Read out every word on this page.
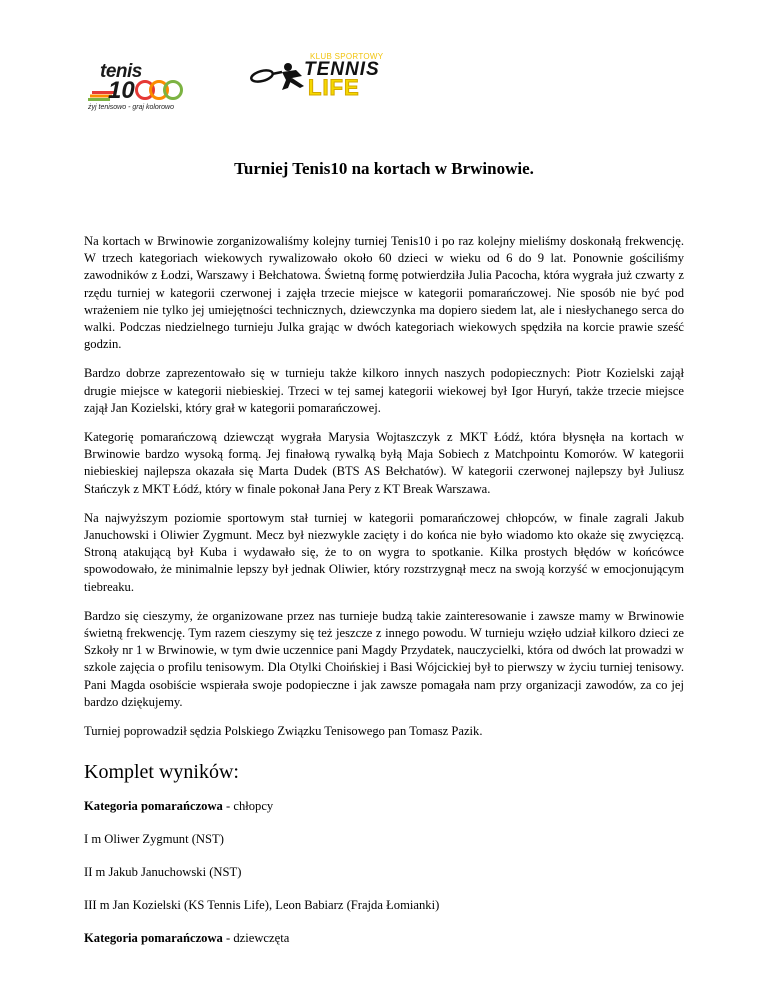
tenis
10
żyj tenisowo - graj kolorowo
KLUB SPORTOWY
TENNIS
LIFE
Turniej Tenis10 na kortach w Brwinowie.

Na kortach w Brwinowie zorganizowaliśmy kolejny turniej Tenis10 i po raz kolejny mieliśmy doskonałą frekwencję. W trzech kategoriach wiekowych rywalizowało około 60 dzieci w wieku od 6 do 9 lat. Ponownie gościliśmy zawodników z Łodzi, Warszawy i Bełchatowa. Świetną formę potwierdziła Julia Pacocha, która wygrała już czwarty z rzędu turniej w kategorii czerwonej i zajęła trzecie miejsce w kategorii pomarańczowej. Nie sposób nie być pod wrażeniem nie tylko jej umiejętności technicznych, dziewczynka ma dopiero siedem lat, ale i niesłychanego serca do walki. Podczas niedzielnego turnieju Julka grając w dwóch kategoriach wiekowych spędziła na korcie prawie sześć godzin.

Bardzo dobrze zaprezentowało się w turnieju także kilkoro innych naszych podopiecznych: Piotr Kozielski zajął drugie miejsce w kategorii niebieskiej. Trzeci w tej samej kategorii wiekowej był Igor Huryń, także trzecie miejsce zajął Jan Kozielski, który grał w kategorii pomarańczowej.

Kategorię pomarańczową dziewcząt wygrała Marysia Wojtaszczyk z MKT Łódź, która błysnęła na kortach w Brwinowie bardzo wysoką formą. Jej finałową rywalką byłą Maja Sobiech z Matchpointu Komorów. W kategorii niebieskiej najlepsza okazała się Marta Dudek (BTS AS Bełchatów). W kategorii czerwonej najlepszy był Juliusz Stańczyk z MKT Łódź, który w finale pokonał Jana Pery z KT Break Warszawa.

Na najwyższym poziomie sportowym stał turniej w kategorii pomarańczowej chłopców, w finale zagrali Jakub Januchowski i Oliwier Zygmunt. Mecz był niezwykle zacięty i do końca nie było wiadomo kto okaże się zwycięzcą. Stroną atakującą był Kuba i wydawało się, że to on wygra to spotkanie. Kilka prostych błędów w końcówce spowodowało, że minimalnie lepszy był jednak Oliwier, który rozstrzygnął mecz na swoją korzyść w emocjonującym tiebreaku.

Bardzo się cieszymy, że organizowane przez nas turnieje budzą takie zainteresowanie i zawsze mamy w Brwinowie świetną frekwencję. Tym razem cieszymy się też jeszcze z innego powodu. W turnieju wzięło udział kilkoro dzieci ze Szkoły nr 1 w Brwinowie, w tym dwie uczennice pani Magdy Przydatek, nauczycielki, która od dwóch lat prowadzi w szkole zajęcia o profilu tenisowym. Dla Otylki Choińskiej i Basi Wójcickiej był to pierwszy w życiu turniej tenisowy. Pani Magda osobiście wspierała swoje podopieczne i jak zawsze pomagała nam przy organizacji zawodów, za co jej bardzo dziękujemy.

Turniej poprowadził sędzia Polskiego Związku Tenisowego pan Tomasz Pazik.

Komplet wyników:

Kategoria pomarańczowa - chłopcy

I m Oliwer Zygmunt (NST)

II m Jakub Januchowski (NST)

III m Jan Kozielski (KS Tennis Life), Leon Babiarz (Frajda Łomianki)

Kategoria pomarańczowa - dziewczęta
